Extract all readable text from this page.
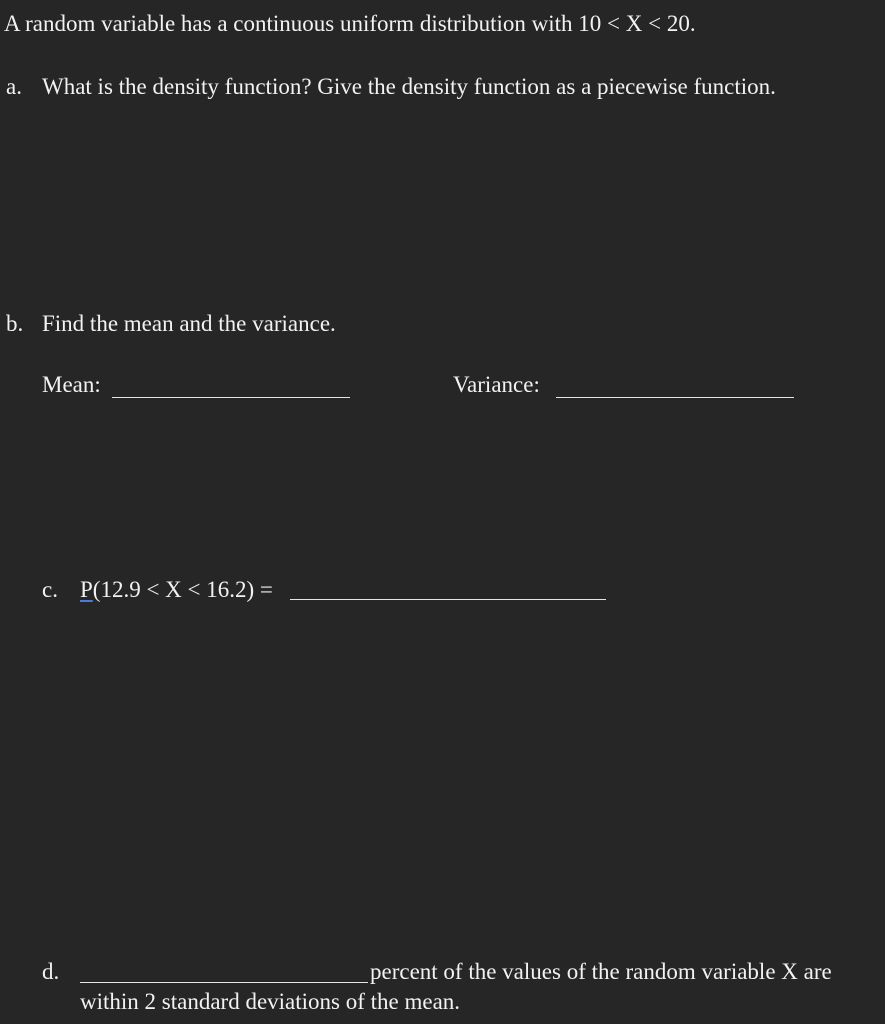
A random variable has a continuous uniform distribution with 10 < X < 20.
a. What is the density function? Give the density function as a piecewise function.
b. Find the mean and the variance.
Mean:	Variance:
c. P(12.9 < X < 16.2) =
d.	percent of the values of the random variable X are
within 2 standard deviations of the mean.
